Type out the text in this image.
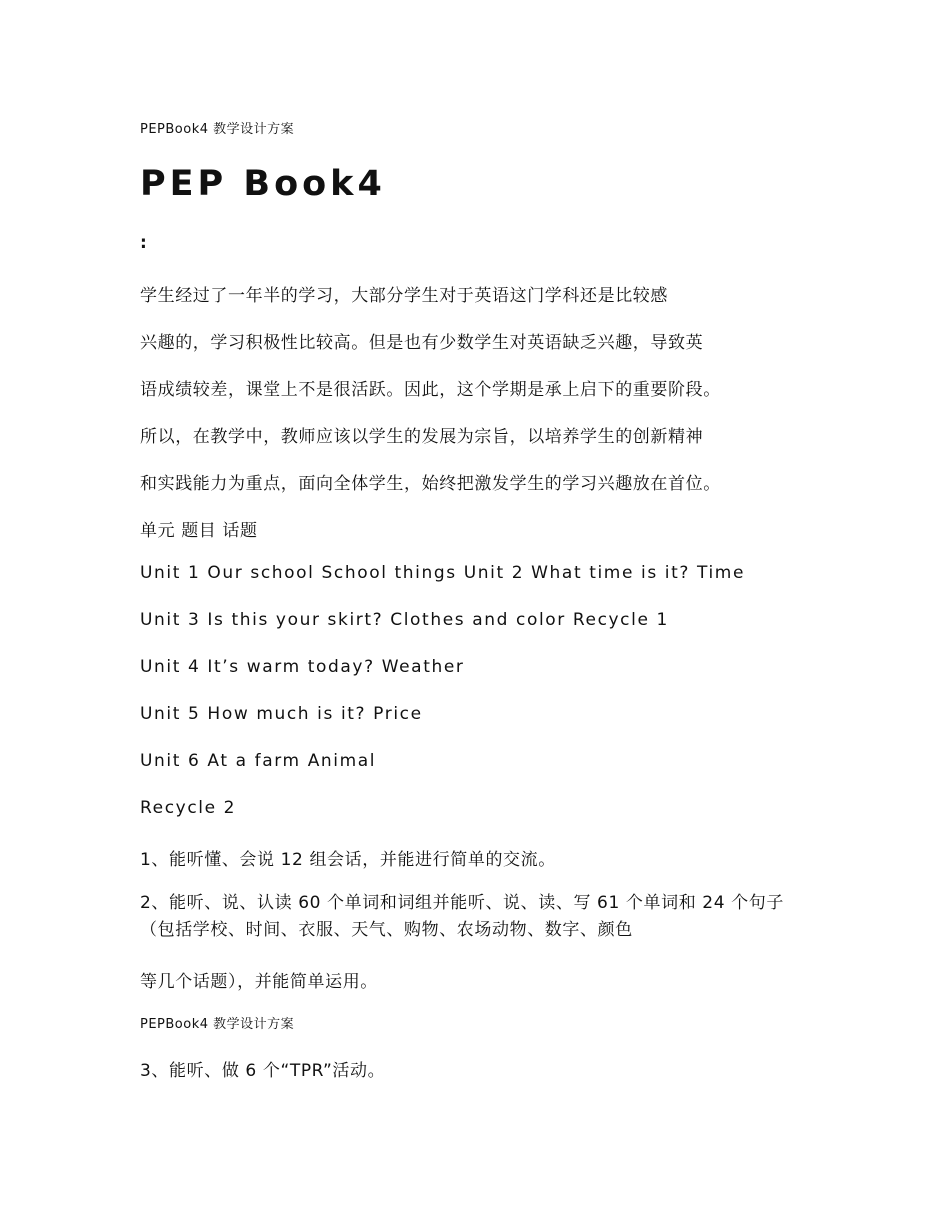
PEPBook4 教学设计方案

PEP Book4

:

学生经过了一年半的学习，大部分学生对于英语这门学科还是比较感

兴趣的，学习积极性比较高。但是也有少数学生对英语缺乏兴趣，导致英

语成绩较差，课堂上不是很活跃。因此，这个学期是承上启下的重要阶段。

所以，在教学中，教师应该以学生的发展为宗旨，以培养学生的创新精神

和实践能力为重点，面向全体学生，始终把激发学生的学习兴趣放在首位。

单元 题目 话题

Unit 1 Our school School things Unit 2 What time is it? Time

Unit 3 Is this your skirt? Clothes and color Recycle 1

Unit 4 It’s warm today? Weather

Unit 5 How much is it? Price

Unit 6 At a farm Animal

Recycle 2

1、能听懂、会说 12 组会话，并能进行简单的交流。

2、能听、说、认读 60 个单词和词组并能听、说、读、写 61 个单词和 24 个句子（包括学校、时间、衣服、天气、购物、农场动物、数字、颜色

等几个话题），并能简单运用。

PEPBook4 教学设计方案

3、能听、做 6 个“TPR”活动。
